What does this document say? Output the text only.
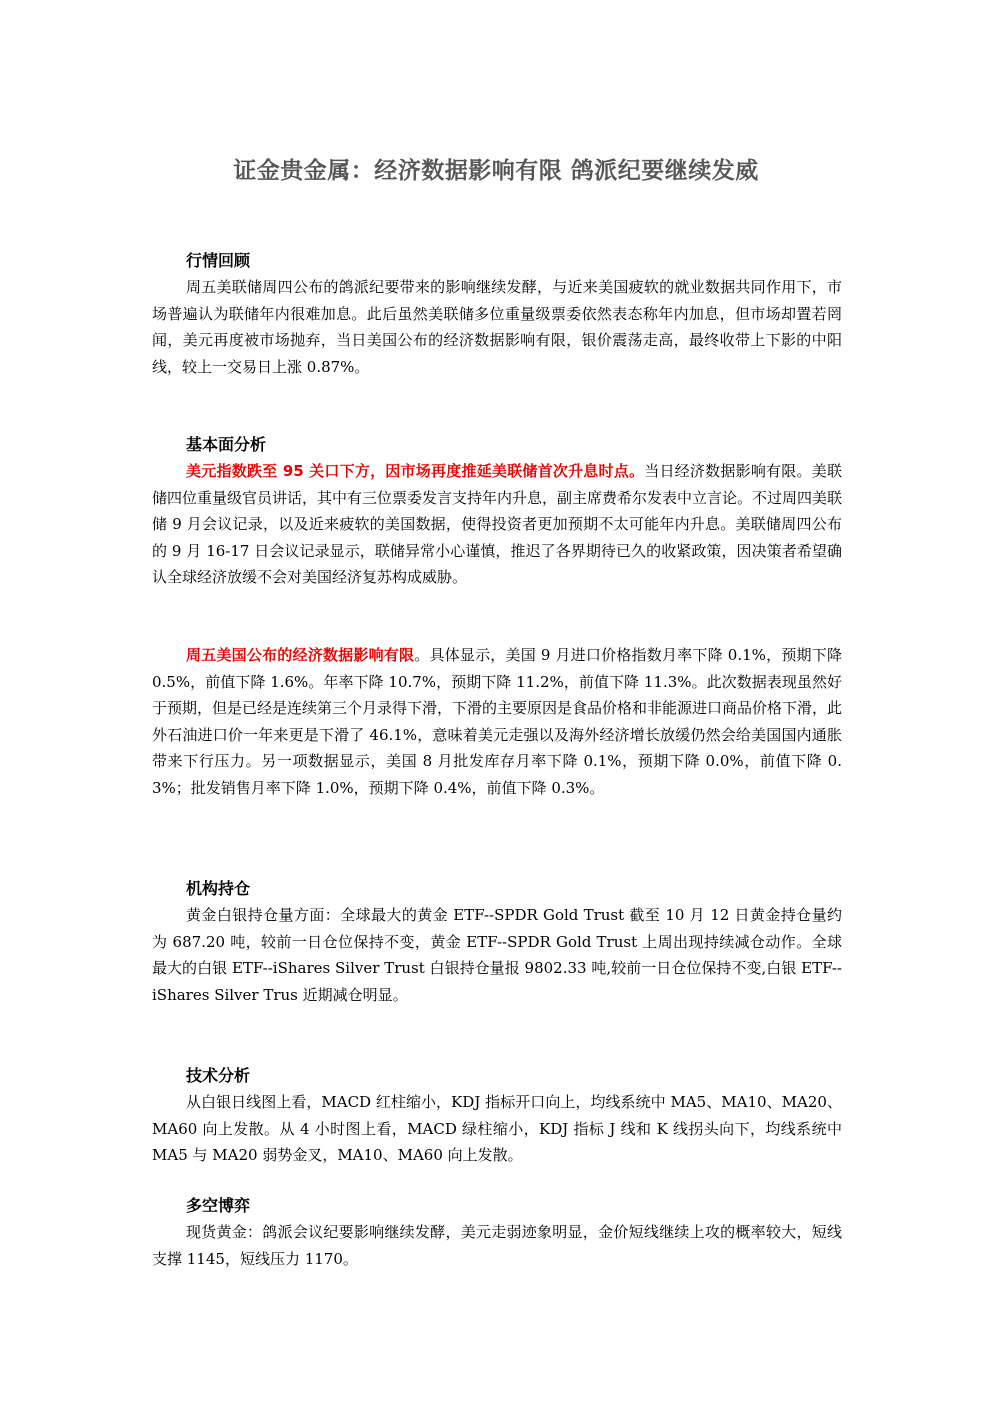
证金贵金属：经济数据影响有限 鸽派纪要继续发威
行情回顾

周五美联储周四公布的鸽派纪要带来的影响继续发酵，与近来美国疲软的就业数据共同作用下，市场普遍认为联储年内很难加息。此后虽然美联储多位重量级票委依然表态称年内加息，但市场却置若罔闻，美元再度被市场抛弃，当日美国公布的经济数据影响有限，银价震荡走高，最终收带上下影的中阳线，较上一交易日上涨 0.87%。

基本面分析

美元指数跌至 95 关口下方，因市场再度推延美联储首次升息时点。当日经济数据影响有限。美联储四位重量级官员讲话，其中有三位票委发言支持年内升息，副主席费希尔发表中立言论。不过周四美联储 9 月会议记录，以及近来疲软的美国数据，使得投资者更加预期不太可能年内升息。美联储周四公布的 9 月 16-17 日会议记录显示，联储异常小心谨慎，推迟了各界期待已久的收紧政策，因决策者希望确认全球经济放缓不会对美国经济复苏构成威胁。

周五美国公布的经济数据影响有限。具体显示，美国 9 月进口价格指数月率下降 0.1%，预期下降 0.5%，前值下降 1.6%。年率下降 10.7%，预期下降 11.2%，前值下降 11.3%。此次数据表现虽然好于预期，但是已经是连续第三个月录得下滑，下滑的主要原因是食品价格和非能源进口商品价格下滑，此外石油进口价一年来更是下滑了 46.1%，意味着美元走强以及海外经济增长放缓仍然会给美国国内通胀带来下行压力。另一项数据显示，美国 8 月批发库存月率下降 0.1%，预期下降 0.0%，前值下降 0.3%；批发销售月率下降 1.0%，预期下降 0.4%，前值下降 0.3%。

机构持仓

黄金白银持仓量方面：全球最大的黄金 ETF--SPDR Gold Trust 截至 10 月 12 日黄金持仓量约为 687.20 吨，较前一日仓位保持不变，黄金 ETF--SPDR Gold Trust 上周出现持续减仓动作。全球最大的白银 ETF--iShares Silver Trust 白银持仓量报 9802.33 吨,较前一日仓位保持不变,白银 ETF--iShares Silver Trus 近期减仓明显。

技术分析

从白银日线图上看，MACD 红柱缩小，KDJ 指标开口向上，均线系统中 MA5、MA10、MA20、MA60 向上发散。从 4 小时图上看，MACD 绿柱缩小，KDJ 指标 J 线和 K 线拐头向下，均线系统中 MA5 与 MA20 弱势金叉，MA10、MA60 向上发散。

多空博弈

现货黄金：鸽派会议纪要影响继续发酵，美元走弱迹象明显，金价短线继续上攻的概率较大，短线支撑 1145，短线压力 1170。
